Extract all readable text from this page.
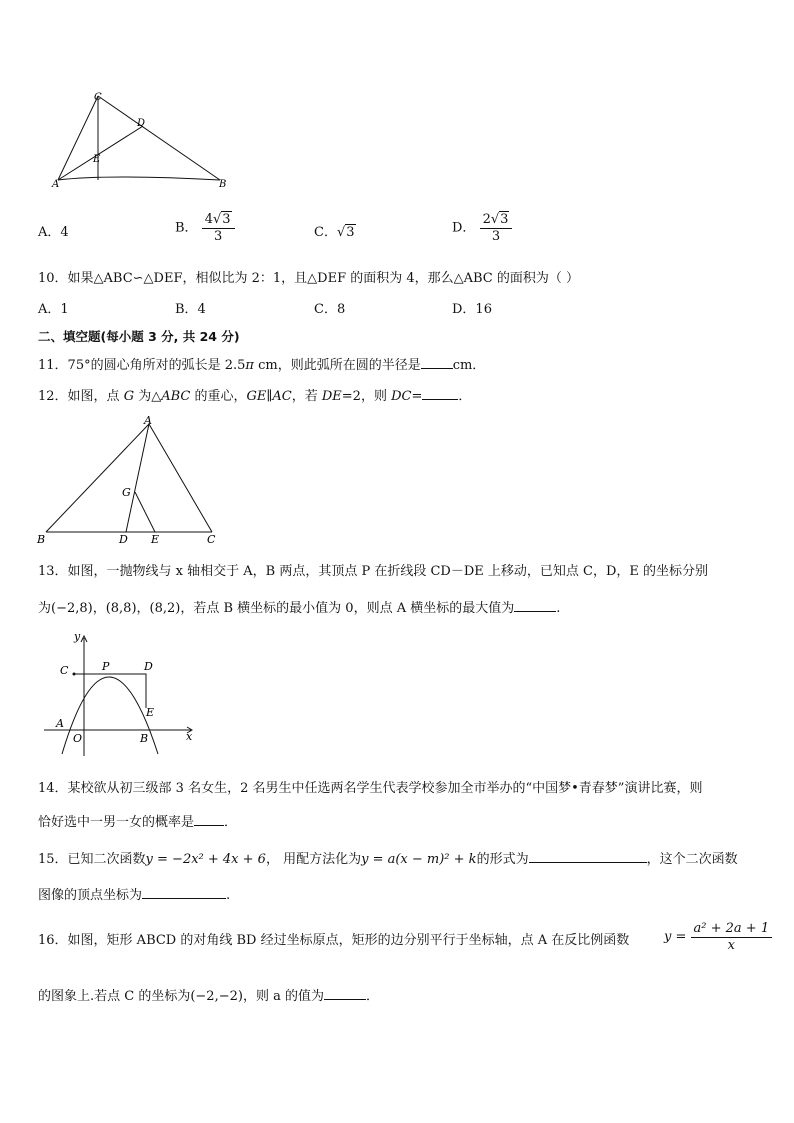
C
D
E
A	B
A．4	B． $\frac{4√3}{3}$	C．√3	D． $\frac{2√3}{3}$
10．如果△ABC∽△DEF，相似比为 2：1，且△DEF 的面积为 4，那么△ABC 的面积为（ ）
A．1	B．4	C．8	D．16
二、填空题(每小题 3 分, 共 24 分)
11．75°的圆心角所对的弧长是 2.5π cm，则此弧所在圆的半径是 cm．
12．如图，点 G 为△ABC 的重心，GE∥AC，若 DE=2，则 DC=	．
A
G
B	D E	C
13．如图，一抛物线与 x 轴相交于 A，B 两点，其顶点 P 在折线段 CD－DE 上移动，已知点 C，D，E 的坐标分别
为(−2,8)，(8,8)，(8,2)，若点 B 横坐标的最小值为 0，则点 A 横坐标的最大值为	.
y
C	P	D
E
A
O	B	x
14．某校欲从初三级部 3 名女生，2 名男生中任选两名学生代表学校参加全市举办的“中国梦•青春梦”演讲比赛，则
恰好选中一男一女的概率是 ．
15．已知二次函数y = −2x² + 4x + 6， 用配方法化为y = a(x − m)² + k的形式为	，这个二次函数
图像的顶点坐标为	.
16．如图，矩形 ABCD 的对角线 BD 经过坐标原点，矩形的边分别平行于坐标轴，点 A 在反比例函数	$y = \frac{\text{a² + 2a + 1}}{x}$
的图象上.若点 C 的坐标为(−2,−2)，则 a 的值为	．
